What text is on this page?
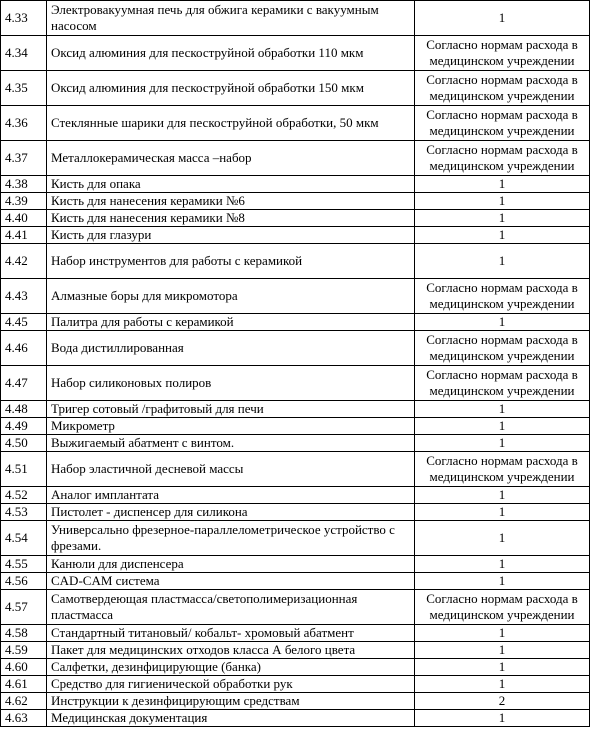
4.33	Электровакуумная печь для обжига керамики с вакуумным насосом	1
4.34	Оксид алюминия для пескоструйной обработки 110 мкм	Согласно нормам расхода в медицинском учреждении
4.35	Оксид алюминия для пескоструйной обработки 150 мкм	Согласно нормам расхода в медицинском учреждении
4.36	Стеклянные шарики для пескоструйной обработки, 50 мкм	Согласно нормам расхода в медицинском учреждении
4.37	Металлокерамическая масса –набор	Согласно нормам расхода в медицинском учреждении
4.38	Кисть для опака	1
4.39	Кисть для нанесения керамики №6	1
4.40	Кисть для нанесения керамики №8	1
4.41	Кисть для глазури	1
4.42	Набор инструментов для работы с керамикой	1
4.43	Алмазные боры для микромотора	Согласно нормам расхода в медицинском учреждении
4.45	Палитра для работы с керамикой	1
4.46	Вода дистиллированная	Согласно нормам расхода в медицинском учреждении
4.47	Набор силиконовых полиров	Согласно нормам расхода в медицинском учреждении
4.48	Тригер сотовый /графитовый для печи	1
4.49	Микрометр	1
4.50	Выжигаемый абатмент с винтом.	1
4.51	Набор эластичной десневой массы	Согласно нормам расхода в медицинском учреждении
4.52	Аналог имплантата	1
4.53	Пистолет - диспенсер для силикона	1
4.54	Универсально фрезерное-параллелометрическое устройство с фрезами.	1
4.55	Канюли для диспенсера	1
4.56	CAD-CAM система	1
4.57	Самотвердеющая пластмасса/светополимеризационная пластмасса	Согласно нормам расхода в медицинском учреждении
4.58	Стандартный титановый/ кобальт- хромовый абатмент	1
4.59	Пакет для медицинских отходов класса А белого цвета	1
4.60	Салфетки, дезинфицирующие (банка)	1
4.61	Средство для гигиенической обработки рук	1
4.62	Инструкции к дезинфицирующим средствам	2
4.63	Медицинская документация	1
